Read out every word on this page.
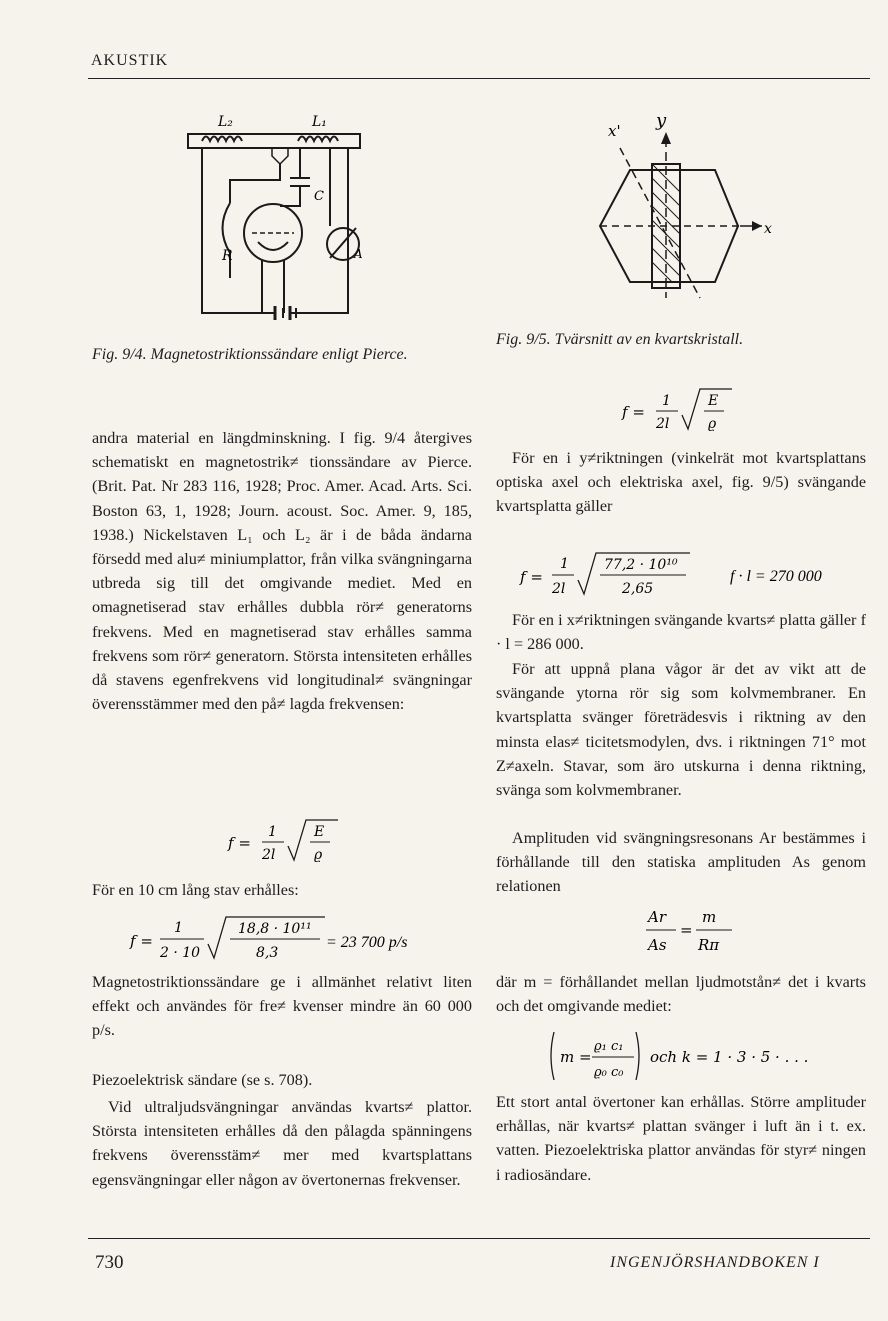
AKUSTIK
L₂	L₁
C
R	A
Fig. 9/4. Magnetostriktionssändare enligt Pierce.
x' y
x
Fig. 9/5. Tvärsnitt av en kvartskristall.

andra material en längdminskning. I fig. 9/4 återgives schematiskt en magnetostrik≠ tionssändare av Pierce. (Brit. Pat. Nr 283 116, 1928; Proc. Amer. Acad. Arts. Sci. Boston 63, 1, 1928; Journ. acoust. Soc. Amer. 9, 185, 1938.) Nickelstaven L₁ och L₂ är i de båda ändarna försedd med alu≠ miniumplattor, från vilka svängningarna utbreda sig till det omgivande mediet. Med en omagnetiserad stav erhålles dubbla rör≠ generatorns frekvens. Med en magnetiserad stav erhålles samma frekvens som rör≠ generatorn. Största intensiteten erhålles då stavens egenfrekvens vid longitudinal≠ svängningar överensstämmer med den på≠ lagda frekvensen:

f =
1
2l
E
ϱ
För en 10 cm lång stav erhålles:
f =
1
2 · 10
18,8 · 10¹¹
8,3
= 23 700 p/s
Magnetostriktionssändare ge i allmänhet relativt liten effekt och användes för fre≠ kvenser mindre än 60 000 p/s.
Piezoelektrisk sändare (se s. 708).
Vid ultraljudsvängningar användas kvarts≠ plattor. Största intensiteten erhålles då den pålagda spänningens frekvens överensstäm≠ mer med kvartsplattans egensvängningar eller någon av övertonernas frekvenser.
f =
1
2l
E
ϱ
För en i y≠riktningen (vinkelrät mot kvartsplattans optiska axel och elektriska axel, fig. 9/5) svängande kvartsplatta gäller
f =
1
2l
77,2 · 10¹⁰
2,65
f · l = 270 000
För en i x≠riktningen svängande kvarts≠ platta gäller f · l = 286 000.
För att uppnå plana vågor är det av vikt att de svängande ytorna rör sig som kolvmembraner. En kvartsplatta svänger företrädesvis i riktning av den minsta elas≠ ticitetsmodylen, dvs. i riktningen 71° mot Z≠axeln. Stavar, som äro utskurna i denna riktning, svänga som kolvmembraner.
Amplituden vid svängningsresonans Ar bestämmes i förhållande till den statiska amplituden As genom relationen
Ar
As
=
m
Rπ
där m = förhållandet mellan ljudmotstån≠ det i kvarts och det omgivande mediet:
m =
ϱ₁ c₁
ϱ₀ c₀
och k = 1 · 3 · 5 · . . .
Ett stort antal övertoner kan erhållas. Större amplituder erhållas, när kvarts≠ plattan svänger i luft än i t. ex. vatten. Piezoelektriska plattor användas för styr≠ ningen i radiosändare.
730	INGENJÖRSHANDBOKEN I
